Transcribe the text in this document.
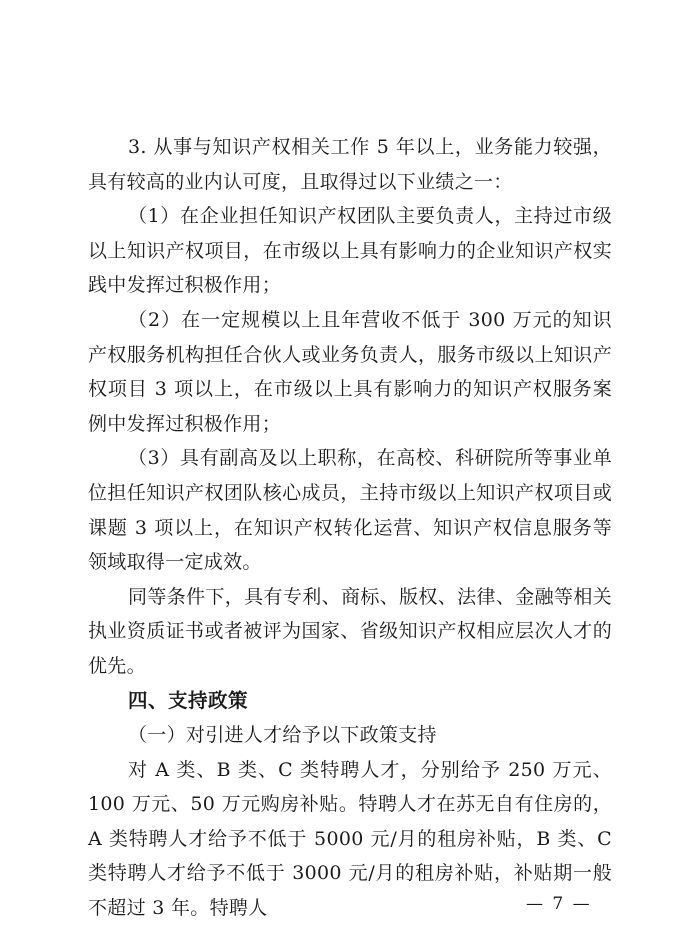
3. 从事与知识产权相关工作 5 年以上，业务能力较强，具有较高的业内认可度，且取得过以下业绩之一：

（1）在企业担任知识产权团队主要负责人，主持过市级以上知识产权项目，在市级以上具有影响力的企业知识产权实践中发挥过积极作用；

（2）在一定规模以上且年营收不低于 300 万元的知识产权服务机构担任合伙人或业务负责人，服务市级以上知识产权项目 3 项以上，在市级以上具有影响力的知识产权服务案例中发挥过积极作用；

（3）具有副高及以上职称，在高校、科研院所等事业单位担任知识产权团队核心成员，主持市级以上知识产权项目或课题 3 项以上，在知识产权转化运营、知识产权信息服务等领域取得一定成效。

同等条件下，具有专利、商标、版权、法律、金融等相关执业资质证书或者被评为国家、省级知识产权相应层次人才的优先。

四、支持政策

（一）对引进人才给予以下政策支持

对 A 类、B 类、C 类特聘人才，分别给予 250 万元、100 万元、50 万元购房补贴。特聘人才在苏无自有住房的，A 类特聘人才给予不低于 5000 元/月的租房补贴，B 类、C 类特聘人才给予不低于 3000 元/月的租房补贴，补贴期一般不超过 3 年。特聘人	— 7 —
